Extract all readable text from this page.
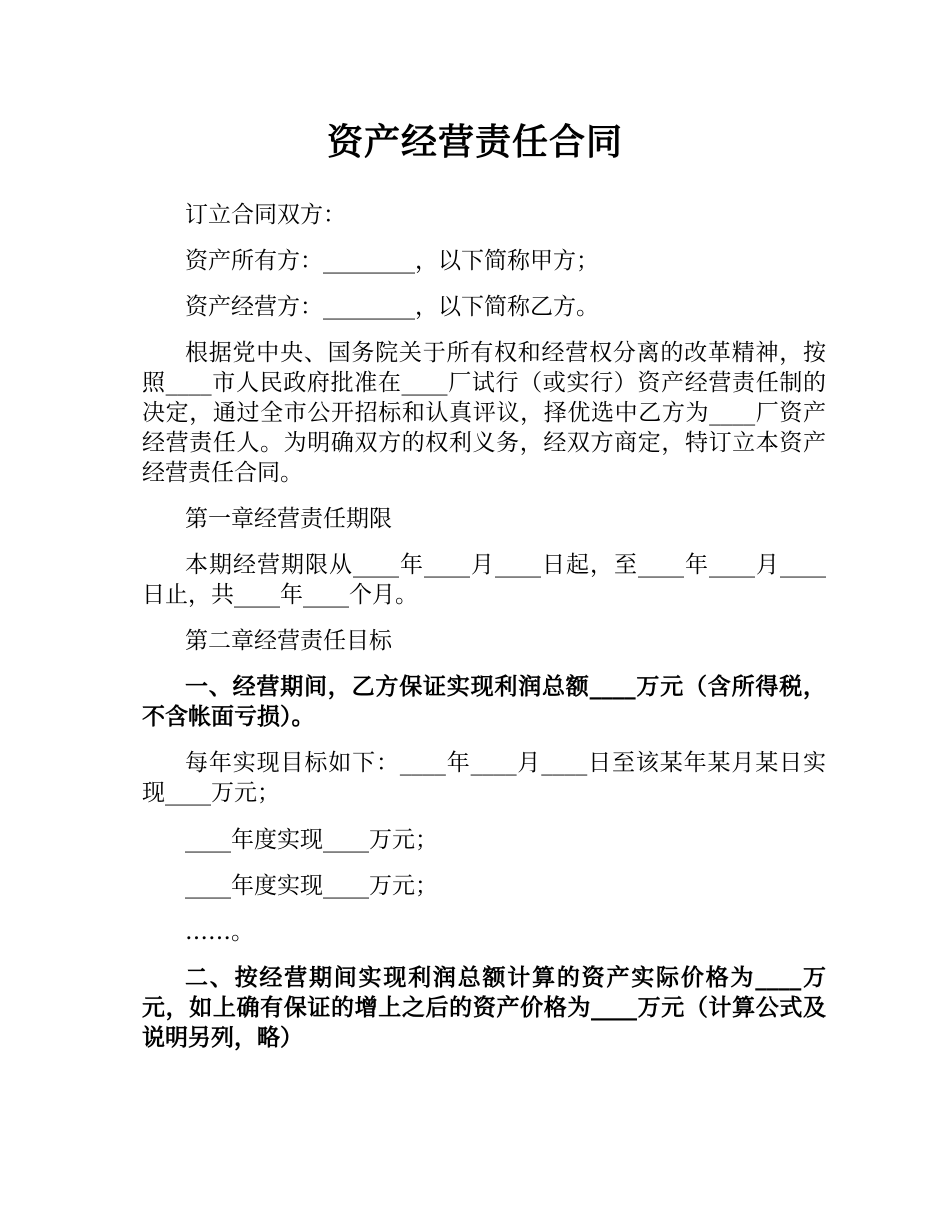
资产经营责任合同

订立合同双方：

资产所有方：________，以下简称甲方；

资产经营方：________，以下简称乙方。

根据党中央、国务院关于所有权和经营权分离的改革精神，按照____市人民政府批准在____厂试行（或实行）资产经营责任制的决定，通过全市公开招标和认真评议，择优选中乙方为____厂资产经营责任人。为明确双方的权利义务，经双方商定，特订立本资产经营责任合同。

第一章经营责任期限

本期经营期限从____年____月____日起，至____年____月____日止，共____年____个月。

第二章经营责任目标

一、经营期间，乙方保证实现利润总额____万元（含所得税，不含帐面亏损）。

每年实现目标如下：____年____月____日至该某年某月某日实现____万元；

____年度实现____万元；

____年度实现____万元；

……。

二、按经营期间实现利润总额计算的资产实际价格为____万元，如上确有保证的增上之后的资产价格为____万元（计算公式及说明另列，略）
